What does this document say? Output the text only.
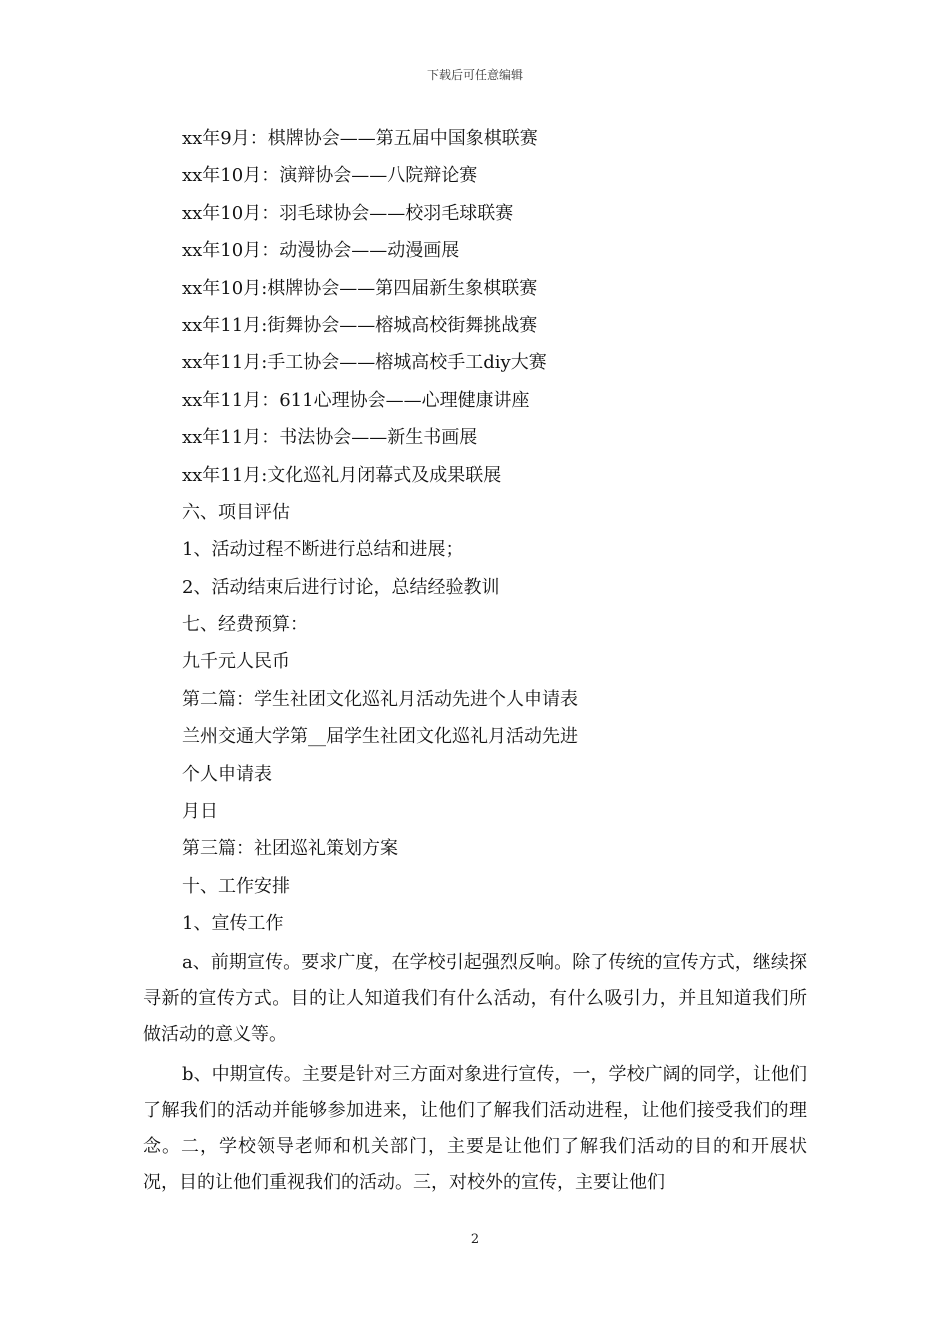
下载后可任意编辑
xx年9月：棋牌协会——第五届中国象棋联赛
xx年10月：演辩协会——八院辩论赛
xx年10月：羽毛球协会——校羽毛球联赛
xx年10月：动漫协会——动漫画展
xx年10月:棋牌协会——第四届新生象棋联赛
xx年11月:街舞协会——榕城高校街舞挑战赛
xx年11月:手工协会——榕城高校手工diy大赛
xx年11月：611心理协会——心理健康讲座
xx年11月：书法协会——新生书画展
xx年11月:文化巡礼月闭幕式及成果联展
六、项目评估
1、活动过程不断进行总结和进展；
2、活动结束后进行讨论，总结经验教训
七、经费预算：
九千元人民币
第二篇：学生社团文化巡礼月活动先进个人申请表
兰州交通大学第__届学生社团文化巡礼月活动先进
个人申请表
月日
第三篇：社团巡礼策划方案
十、工作安排
1、宣传工作
a、前期宣传。要求广度，在学校引起强烈反响。除了传统的宣传方式，继续探寻新的宣传方式。目的让人知道我们有什么活动，有什么吸引力，并且知道我们所做活动的意义等。
b、中期宣传。主要是针对三方面对象进行宣传，一，学校广阔的同学，让他们了解我们的活动并能够参加进来，让他们了解我们活动进程，让他们接受我们的理念。二，学校领导老师和机关部门，主要是让他们了解我们活动的目的和开展状况，目的让他们重视我们的活动。三，对校外的宣传，主要让他们
2
